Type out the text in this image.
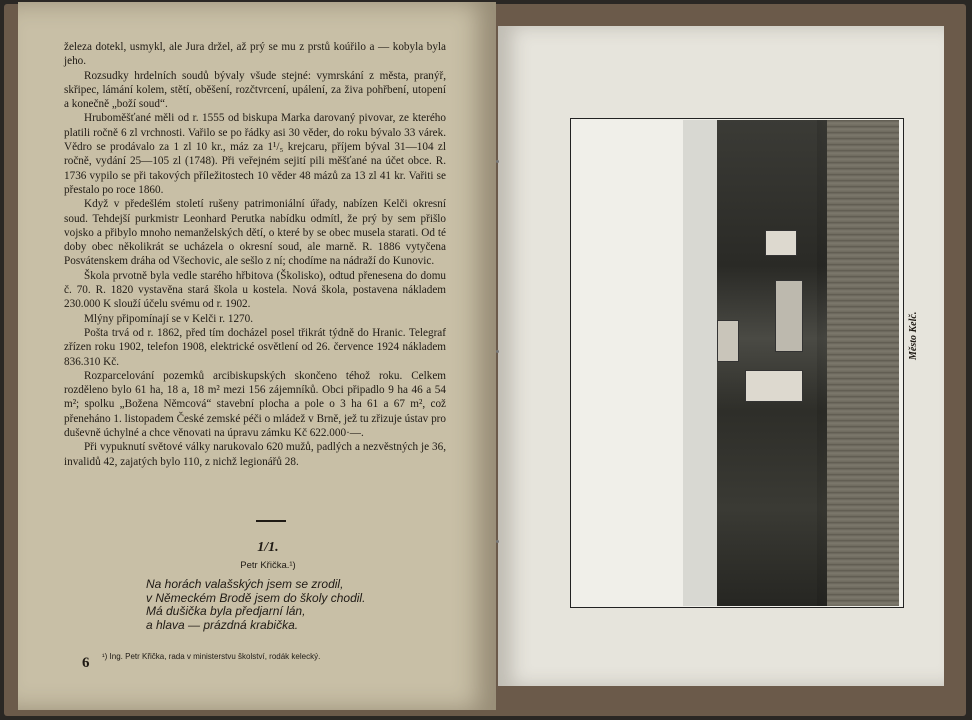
železa dotekl, usmykl, ale Jura držel, až prý se mu z prstů koúřilo a — kobyla byla jeho.

Rozsudky hrdelních soudů bývaly všude stejné: vymrskání z města, pranýř, skřipec, lámání kolem, stětí, oběšení, rozčtvrcení, upálení, za živa pohřbení, utopení a konečně „boží soud“.

Hruboměšťané měli od r. 1555 od biskupa Marka darovaný pivovar, ze kterého platili ročně 6 zl vrchnosti. Vařilo se po řádky asi 30 věder, do roku bývalo 33 várek. Vědro se prodávalo za 1 zl 10 kr., máz za 1¹/₅ krejcaru, příjem býval 31—104 zl ročně, vydání 25—105 zl (1748). Při veřejném sejití pili měšťané na účet obce. R. 1736 vypilo se při takových příležitostech 10 věder 48 mázů za 13 zl 41 kr. Vařiti se přestalo po roce 1860.

Když v předešlém století rušeny patrimoniální úřady, nabízen Kelči okresní soud. Tehdejší purkmistr Leonhard Perutka nabídku odmítl, že prý by sem přišlo vojsko a přibylo mnoho nemanželských dětí, o které by se obec musela starati. Od té doby obec několikrát se ucházela o okresní soud, ale marně. R. 1886 vytyčena Posvátenskem dráha od Všechovic, ale sešlo z ní; chodíme na nádraží do Kunovic.

Škola prvotně byla vedle starého hřbitova (Školisko), odtud přenesena do domu č. 70. R. 1820 vystavěna stará škola u kostela. Nová škola, postavena nákladem 230.000 K slouží účelu svému od r. 1902.

Mlýny připomínají se v Kelči r. 1270.

Pošta trvá od r. 1862, před tím docházel posel třikrát týdně do Hranic. Telegraf zřízen roku 1902, telefon 1908, elektrické osvětlení od 26. července 1924 nákladem 836.310 Kč.

Rozparcelování pozemků arcibiskupských skončeno téhož roku. Celkem rozděleno bylo 61 ha, 18 a, 18 m² mezi 156 zájemníků. Obci připadlo 9 ha 46 a 54 m²; spolku „Božena Němcová“ stavební plocha a pole o 3 ha 61 a 67 m², což přeneháno 1. listopadem České zemské péči o mládež v Brně, jež tu zřizuje ústav pro duševně úchylné a chce věnovati na úpravu zámku Kč 622.000·—.

Při vypuknutí světové války narukovalo 620 mužů, padlých a nezvěstných je 36, invalidů 42, zajatých bylo 110, z nichž legionářů 28.

1/1.
Petr Křička.¹)
Na horách valašských jsem se zrodil,
v Německém Brodě jsem do školy chodil.
Má dušička byla předjarní lán,
a hlava — prázdná krabička.
6 ¹) Ing. Petr Křička, rada v ministerstvu školství, rodák kelecký.
Město Kelč.
